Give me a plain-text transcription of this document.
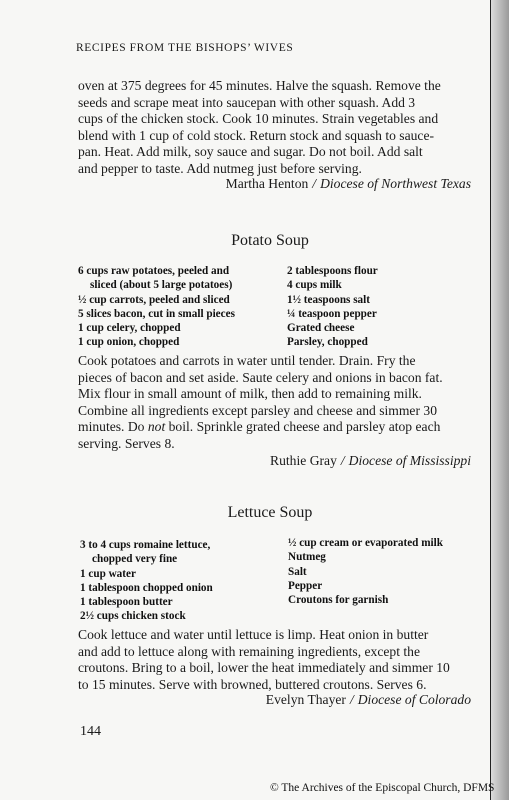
RECIPES FROM THE BISHOPS’ WIVES
oven at 375 degrees for 45 minutes. Halve the squash. Remove the
seeds and scrape meat into saucepan with other squash. Add 3
cups of the chicken stock. Cook 10 minutes. Strain vegetables and
blend with 1 cup of cold stock. Return stock and squash to sauce-
pan. Heat. Add milk, soy sauce and sugar. Do not boil. Add salt
and pepper to taste. Add nutmeg just before serving.
Martha Henton / Diocese of Northwest Texas
Potato Soup
6 cups raw potatoes, peeled and
sliced (about 5 large potatoes)
½ cup carrots, peeled and sliced
5 slices bacon, cut in small pieces
1 cup celery, chopped
1 cup onion, chopped
2 tablespoons flour
4 cups milk
1½ teaspoons salt
¼ teaspoon pepper
Grated cheese
Parsley, chopped
Cook potatoes and carrots in water until tender. Drain. Fry the
pieces of bacon and set aside. Saute celery and onions in bacon fat.
Mix flour in small amount of milk, then add to remaining milk.
Combine all ingredients except parsley and cheese and simmer 30
minutes. Do not boil. Sprinkle grated cheese and parsley atop each
serving. Serves 8.
Ruthie Gray / Diocese of Mississippi
Lettuce Soup
3 to 4 cups romaine lettuce,
chopped very fine
1 cup water
1 tablespoon chopped onion
1 tablespoon butter
2½ cups chicken stock
½ cup cream or evaporated milk
Nutmeg
Salt
Pepper
Croutons for garnish
Cook lettuce and water until lettuce is limp. Heat onion in butter
and add to lettuce along with remaining ingredients, except the
croutons. Bring to a boil, lower the heat immediately and simmer 10
to 15 minutes. Serve with browned, buttered croutons. Serves 6.
Evelyn Thayer / Diocese of Colorado
144
© The Archives of the Episcopal Church, DFMS
